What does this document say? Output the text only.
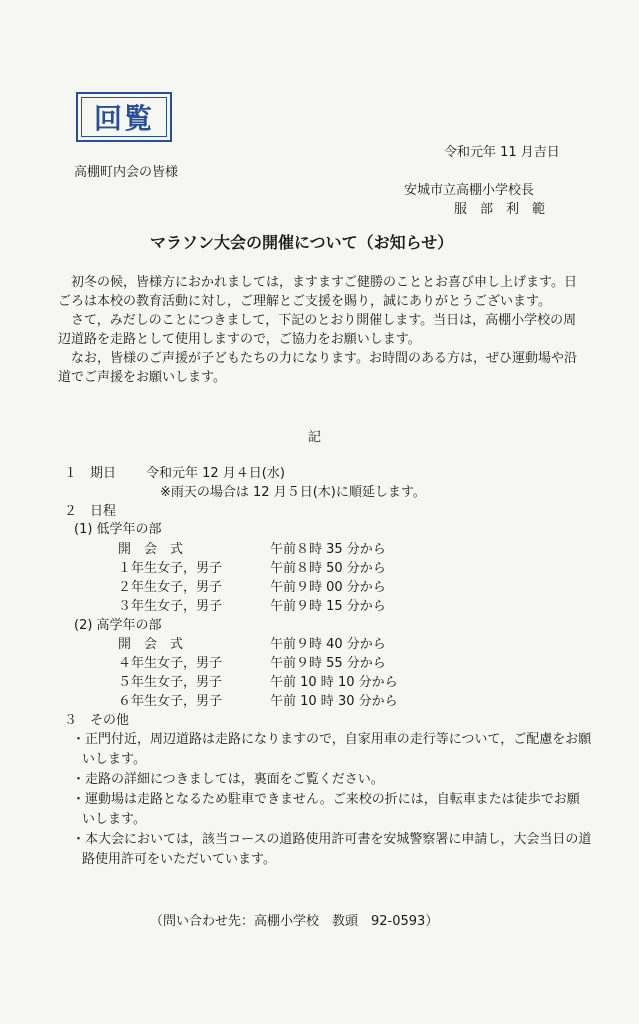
回覧
令和元年 11 月吉日
高棚町内会の皆様
安城市立高棚小学校長
服　部　利　範
マラソン大会の開催について（お知らせ）

初冬の候，皆様方におかれましては，ますますご健勝のこととお喜び申し上げます。日ごろは本校の教育活動に対し，ご理解とご支援を賜り，誠にありがとうございます。

さて，みだしのことにつきまして，下記のとおり開催します。当日は，高棚小学校の周辺道路を走路として使用しますので，ご協力をお願いします。

なお，皆様のご声援が子どもたちの力になります。お時間のある方は，ぜひ運動場や沿道でご声援をお願いします。

記
１ 期日 令和元年 12 月４日(水)
※雨天の場合は 12 月５日(木)に順延します。
２ 日程
(1) 低学年の部
開　会　式	午前８時 35 分から
１年生女子，男子	午前８時 50 分から
２年生女子，男子	午前９時 00 分から
３年生女子，男子	午前９時 15 分から
(2) 高学年の部
開　会　式	午前９時 40 分から
４年生女子，男子	午前９時 55 分から
５年生女子，男子	午前 10 時 10 分から
６年生女子，男子	午前 10 時 30 分から
３ その他
・正門付近，周辺道路は走路になりますので，自家用車の走行等について，ご配慮をお願いします。
・走路の詳細につきましては，裏面をご覧ください。
・運動場は走路となるため駐車できません。ご来校の折には，自転車または徒歩でお願いします。
・本大会においては，該当コースの道路使用許可書を安城警察署に申請し，大会当日の道路使用許可をいただいています。
（問い合わせ先：高棚小学校　教頭　92-0593）
